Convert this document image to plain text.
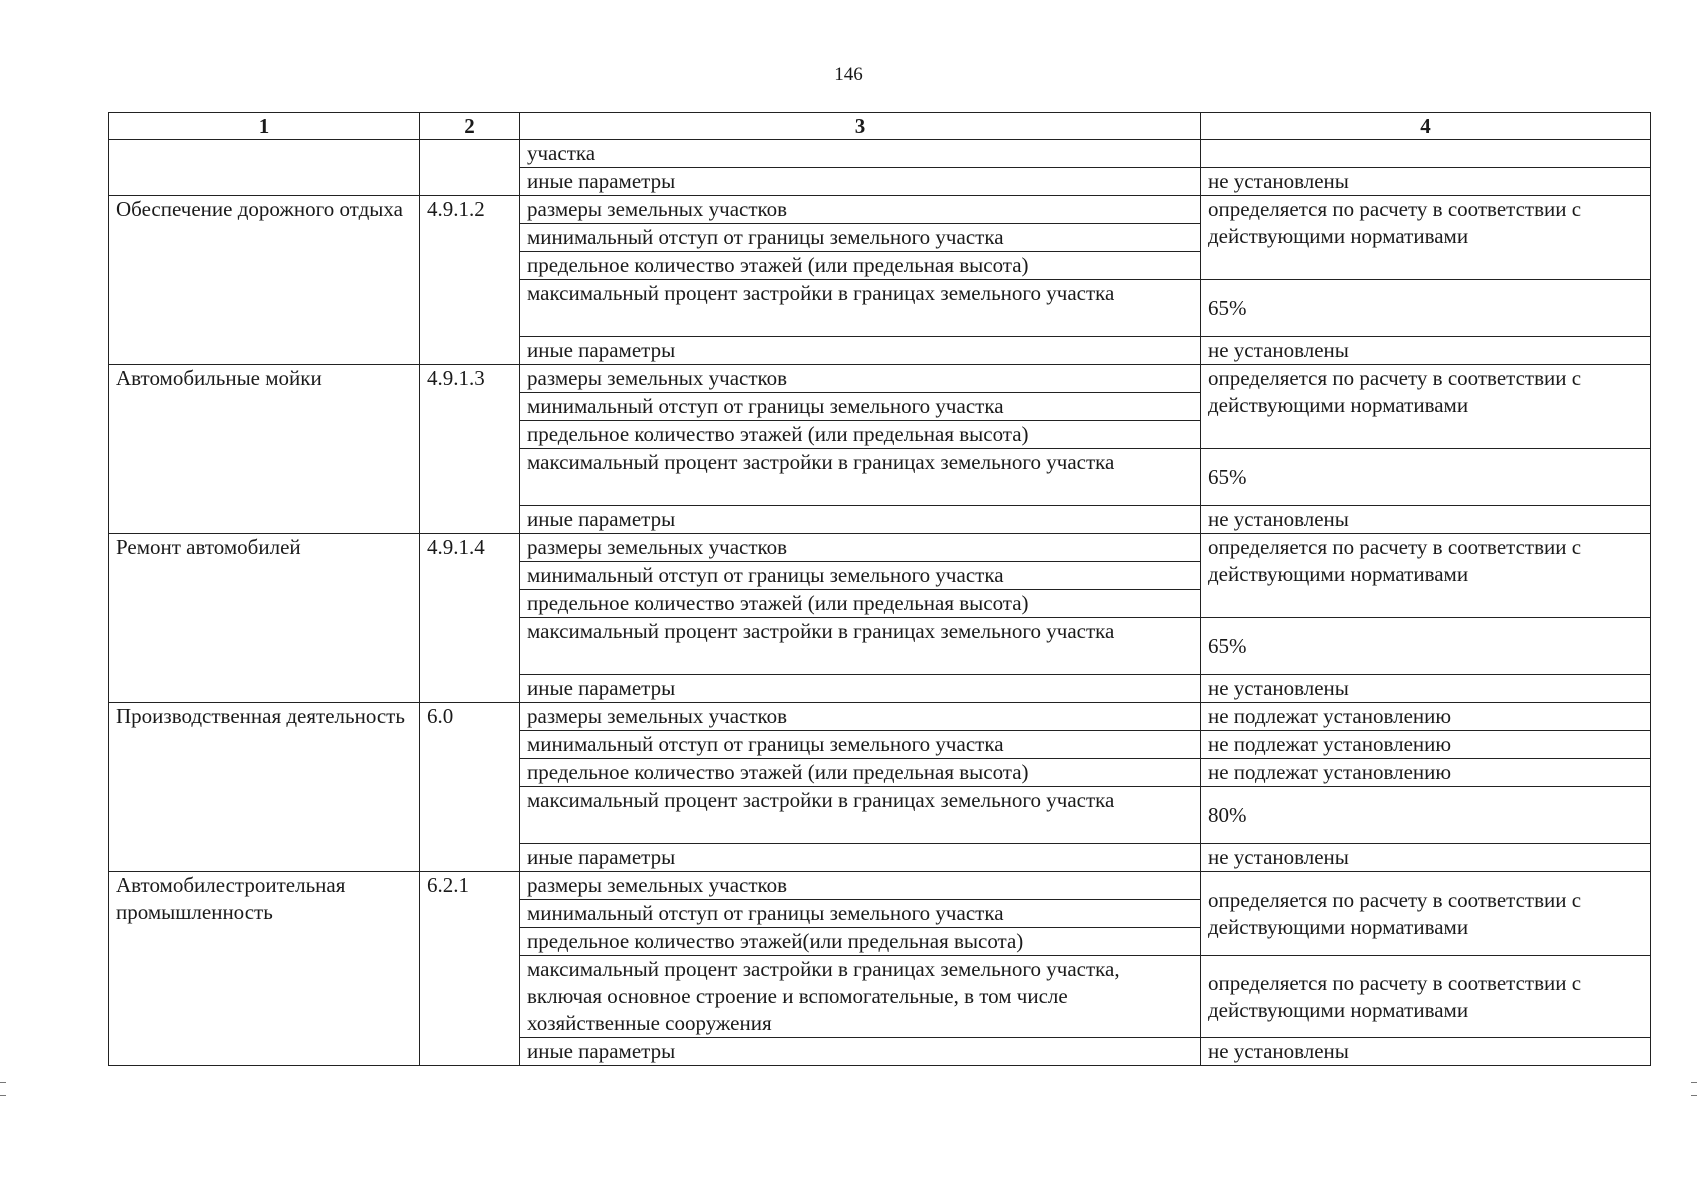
146
1	2	3	4
		участка	
		иные параметры	не установлены
Обеспечение дорожного отдыха	4.9.1.2	размеры земельных участков	определяется по расчету в соответствии с действующими нормативами
		минимальный отступ от границы земельного участка	
		предельное количество этажей (или предельная высота)	
		максимальный процент застройки в границах земельного участка	65%
		иные параметры	не установлены
Автомобильные мойки	4.9.1.3	размеры земельных участков	определяется по расчету в соответствии с действующими нормативами
		минимальный отступ от границы земельного участка	
		предельное количество этажей (или предельная высота)	
		максимальный процент застройки в границах земельного участка	65%
		иные параметры	не установлены
Ремонт автомобилей	4.9.1.4	размеры земельных участков	определяется по расчету в соответствии с действующими нормативами
		минимальный отступ от границы земельного участка	
		предельное количество этажей (или предельная высота)	
		максимальный процент застройки в границах земельного участка	65%
		иные параметры	не установлены
Производственная деятельность	6.0	размеры земельных участков	не подлежат установлению
		минимальный отступ от границы земельного участка	не подлежат установлению
		предельное количество этажей (или предельная высота)	не подлежат установлению
		максимальный процент застройки в границах земельного участка	80%
		иные параметры	не установлены
Автомобилестроительная промышленность	6.2.1	размеры земельных участков	определяется по расчету в соответствии с действующими нормативами
		минимальный отступ от границы земельного участка	
		предельное количество этажей(или предельная высота)	
		максимальный процент застройки в границах земельного участка, включая основное строение и вспомогательные, в том числе хозяйственные сооружения	определяется по расчету в соответствии с действующими нормативами
		иные параметры	не установлены
